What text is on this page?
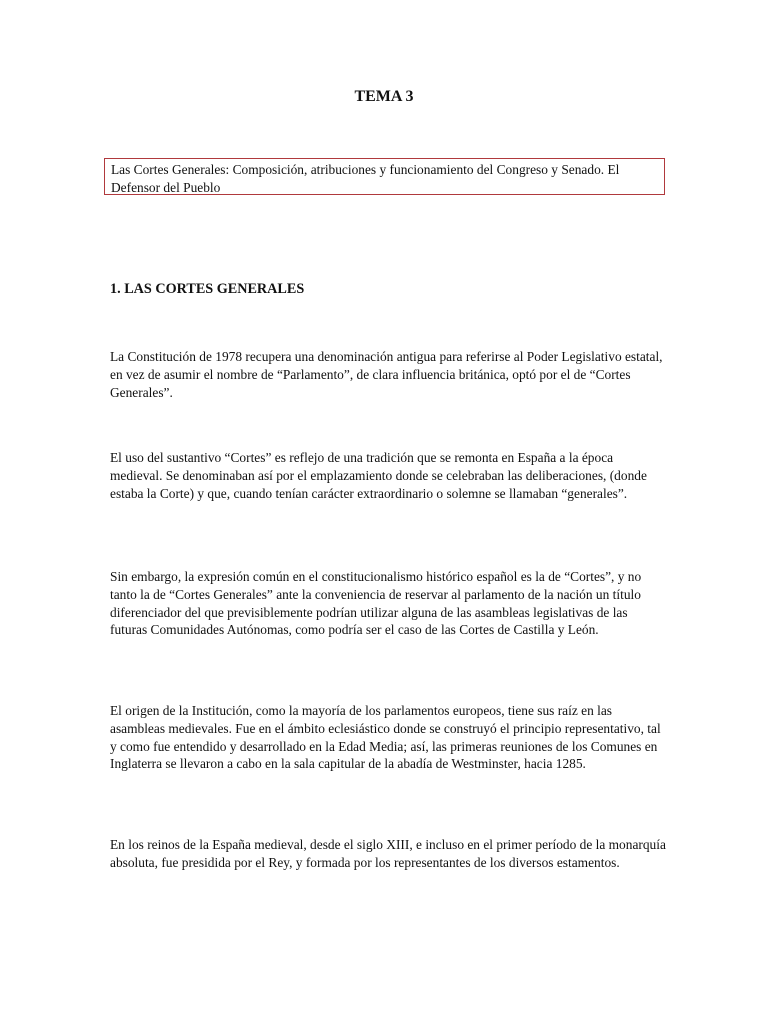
TEMA 3
Las Cortes Generales: Composición, atribuciones y funcionamiento del Congreso y Senado. El Defensor del Pueblo
1. LAS CORTES GENERALES

La Constitución de 1978 recupera una denominación antigua para referirse al Poder Legislativo estatal, en vez de asumir el nombre de “Parlamento”, de clara influencia británica, optó por el de “Cortes Generales”.

El uso del sustantivo “Cortes” es reflejo de una tradición que se remonta en España a la época medieval. Se denominaban así por el emplazamiento donde se celebraban las deliberaciones, (donde estaba la Corte) y que, cuando tenían carácter extraordinario o solemne se llamaban “generales”.

Sin embargo, la expresión común en el constitucionalismo histórico español es la de “Cortes”, y no tanto la de “Cortes Generales” ante la conveniencia de reservar al parlamento de la nación un título diferenciador del que previsiblemente podrían utilizar alguna de las asambleas legislativas de las futuras Comunidades Autónomas, como podría ser el caso de las Cortes de Castilla y León.

El origen de la Institución, como la mayoría de los parlamentos europeos, tiene sus raíz en las asambleas medievales. Fue en el ámbito eclesiástico donde se construyó el principio representativo, tal y como fue entendido y desarrollado en la Edad Media; así, las primeras reuniones de los Comunes en Inglaterra se llevaron a cabo en la sala capitular de la abadía de Westminster, hacia 1285.

En los reinos de la España medieval, desde el siglo XIII, e incluso en el primer período de la monarquía absoluta, fue presidida por el Rey, y formada por los representantes de los diversos estamentos.
